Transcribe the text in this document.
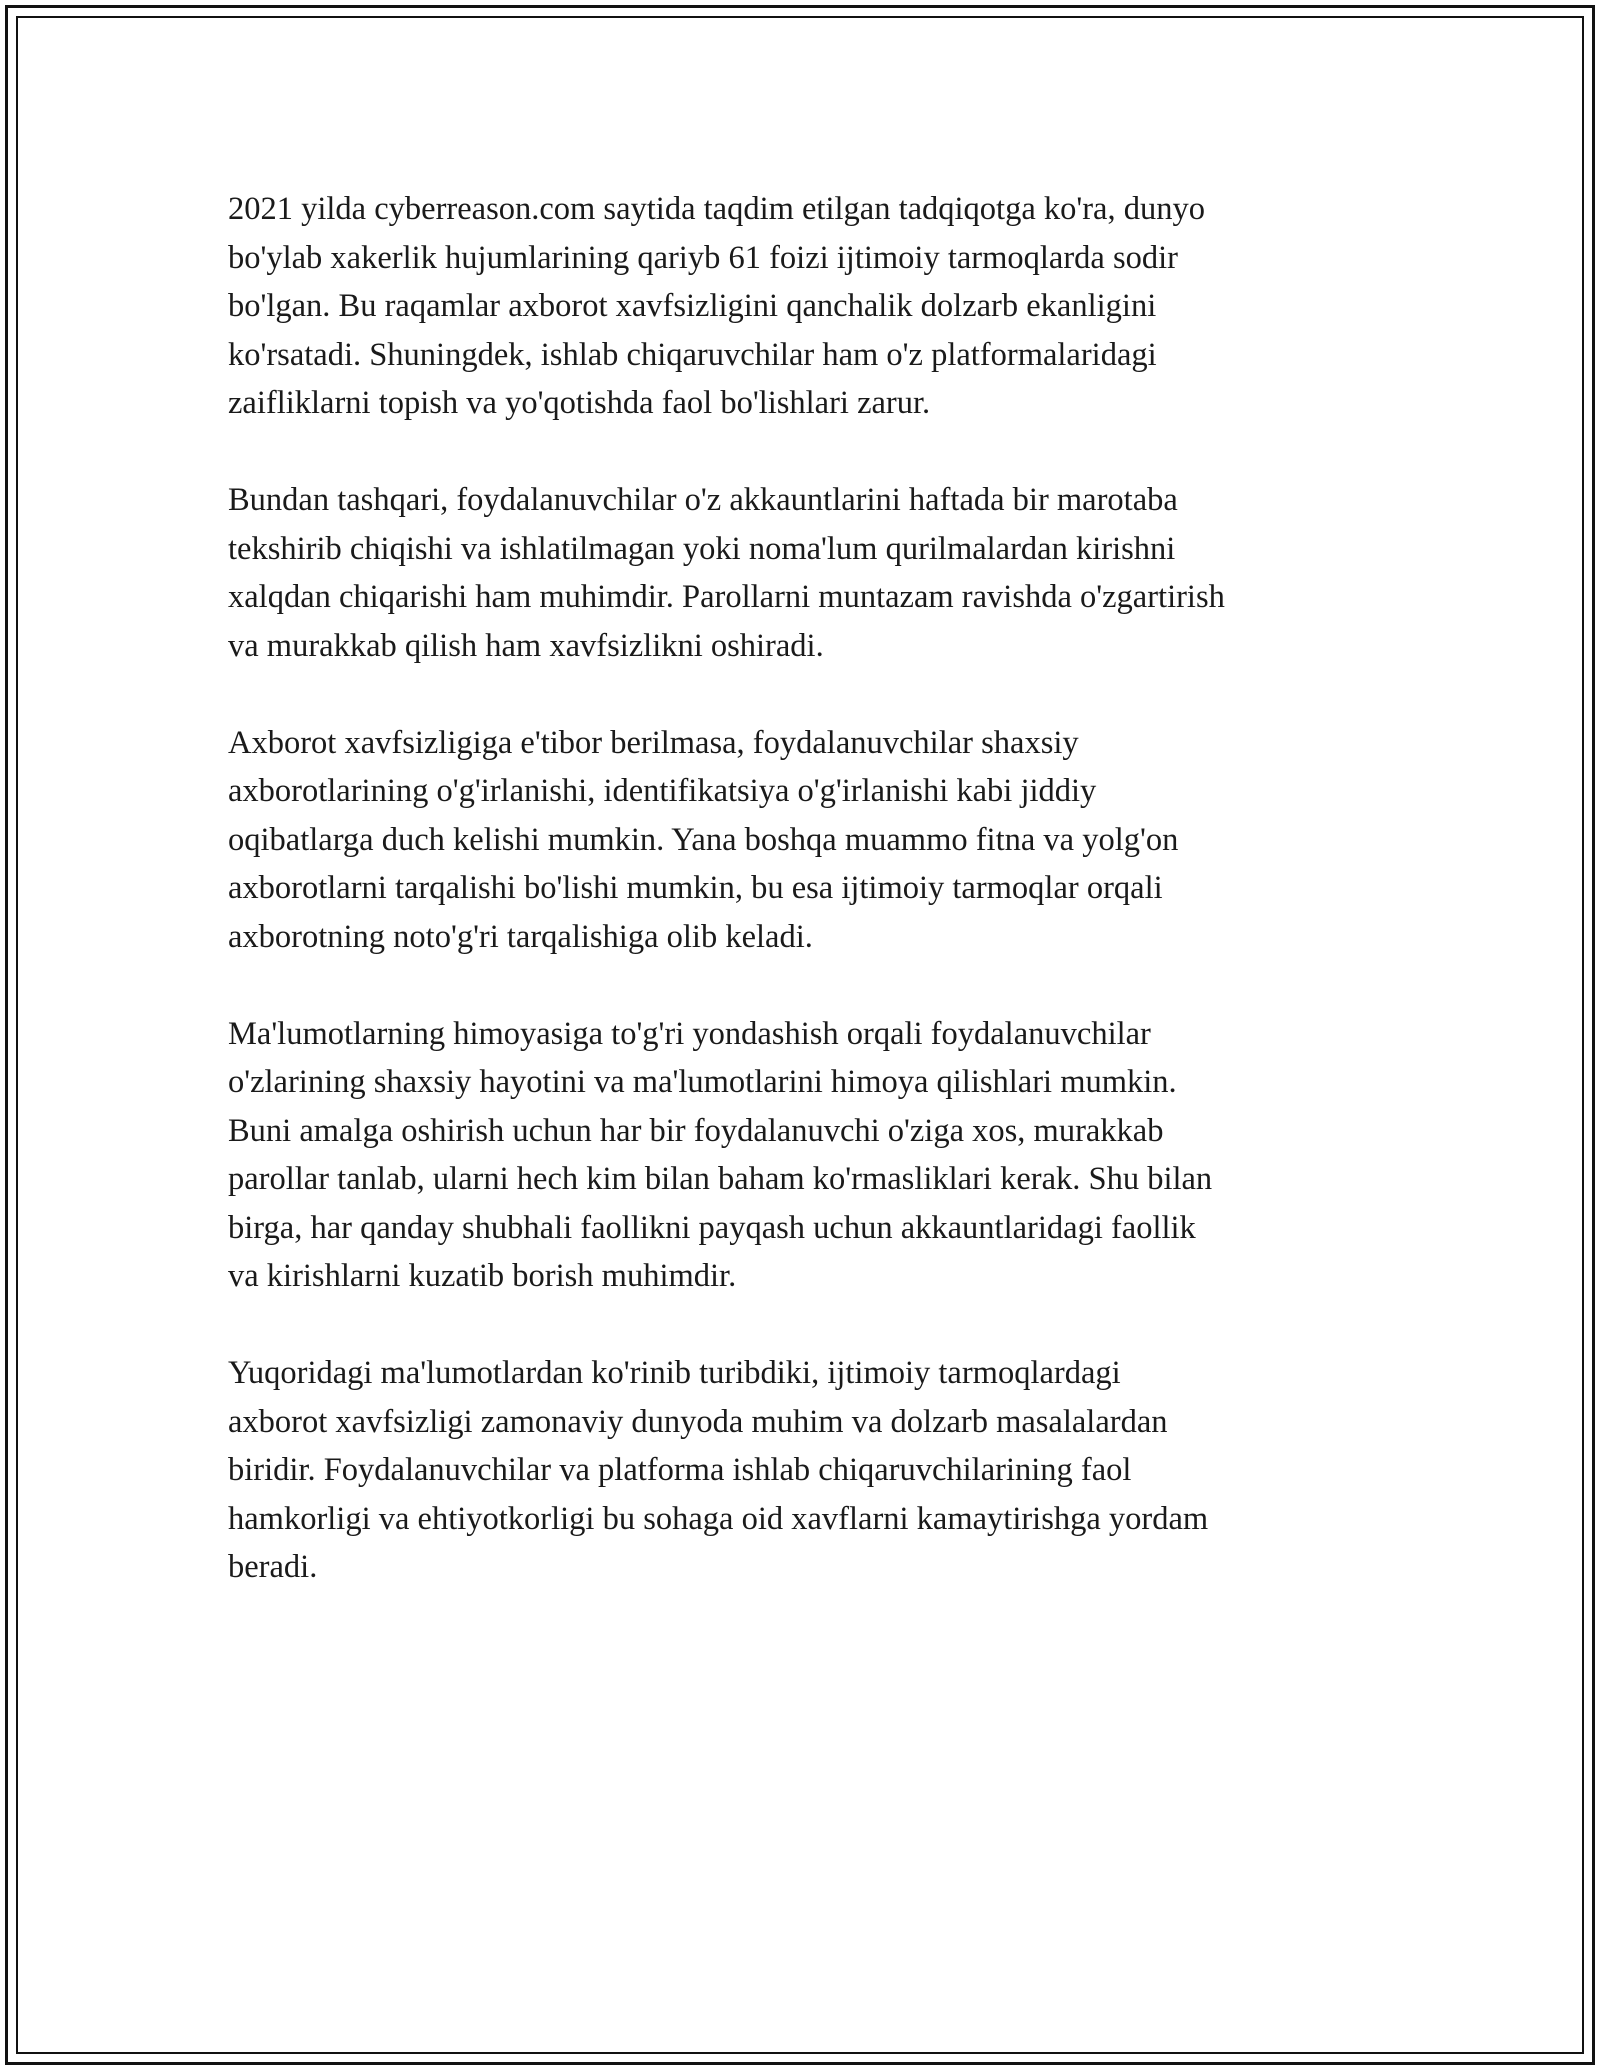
2021 yilda cyberreason.com saytida taqdim etilgan tadqiqotga ko'ra, dunyo
bo'ylab xakerlik hujumlarining qariyb 61 foizi ijtimoiy tarmoqlarda sodir
bo'lgan. Bu raqamlar axborot xavfsizligini qanchalik dolzarb ekanligini
ko'rsatadi. Shuningdek, ishlab chiqaruvchilar ham o'z platformalaridagi
zaifliklarni topish va yo'qotishda faol bo'lishlari zarur.

Bundan tashqari, foydalanuvchilar o'z akkauntlarini haftada bir marotaba
tekshirib chiqishi va ishlatilmagan yoki noma'lum qurilmalardan kirishni
xalqdan chiqarishi ham muhimdir. Parollarni muntazam ravishda o'zgartirish
va murakkab qilish ham xavfsizlikni oshiradi.

Axborot xavfsizligiga e'tibor berilmasa, foydalanuvchilar shaxsiy
axborotlarining o'g'irlanishi, identifikatsiya o'g'irlanishi kabi jiddiy
oqibatlarga duch kelishi mumkin. Yana boshqa muammo fitna va yolg'on
axborotlarni tarqalishi bo'lishi mumkin, bu esa ijtimoiy tarmoqlar orqali
axborotning noto'g'ri tarqalishiga olib keladi.

Ma'lumotlarning himoyasiga to'g'ri yondashish orqali foydalanuvchilar
o'zlarining shaxsiy hayotini va ma'lumotlarini himoya qilishlari mumkin.
Buni amalga oshirish uchun har bir foydalanuvchi o'ziga xos, murakkab
parollar tanlab, ularni hech kim bilan baham ko'rmasliklari kerak. Shu bilan
birga, har qanday shubhali faollikni payqash uchun akkauntlaridagi faollik
va kirishlarni kuzatib borish muhimdir.

Yuqoridagi ma'lumotlardan ko'rinib turibdiki, ijtimoiy tarmoqlardagi
axborot xavfsizligi zamonaviy dunyoda muhim va dolzarb masalalardan
biridir. Foydalanuvchilar va platforma ishlab chiqaruvchilarining faol
hamkorligi va ehtiyotkorligi bu sohaga oid xavflarni kamaytirishga yordam
beradi.
